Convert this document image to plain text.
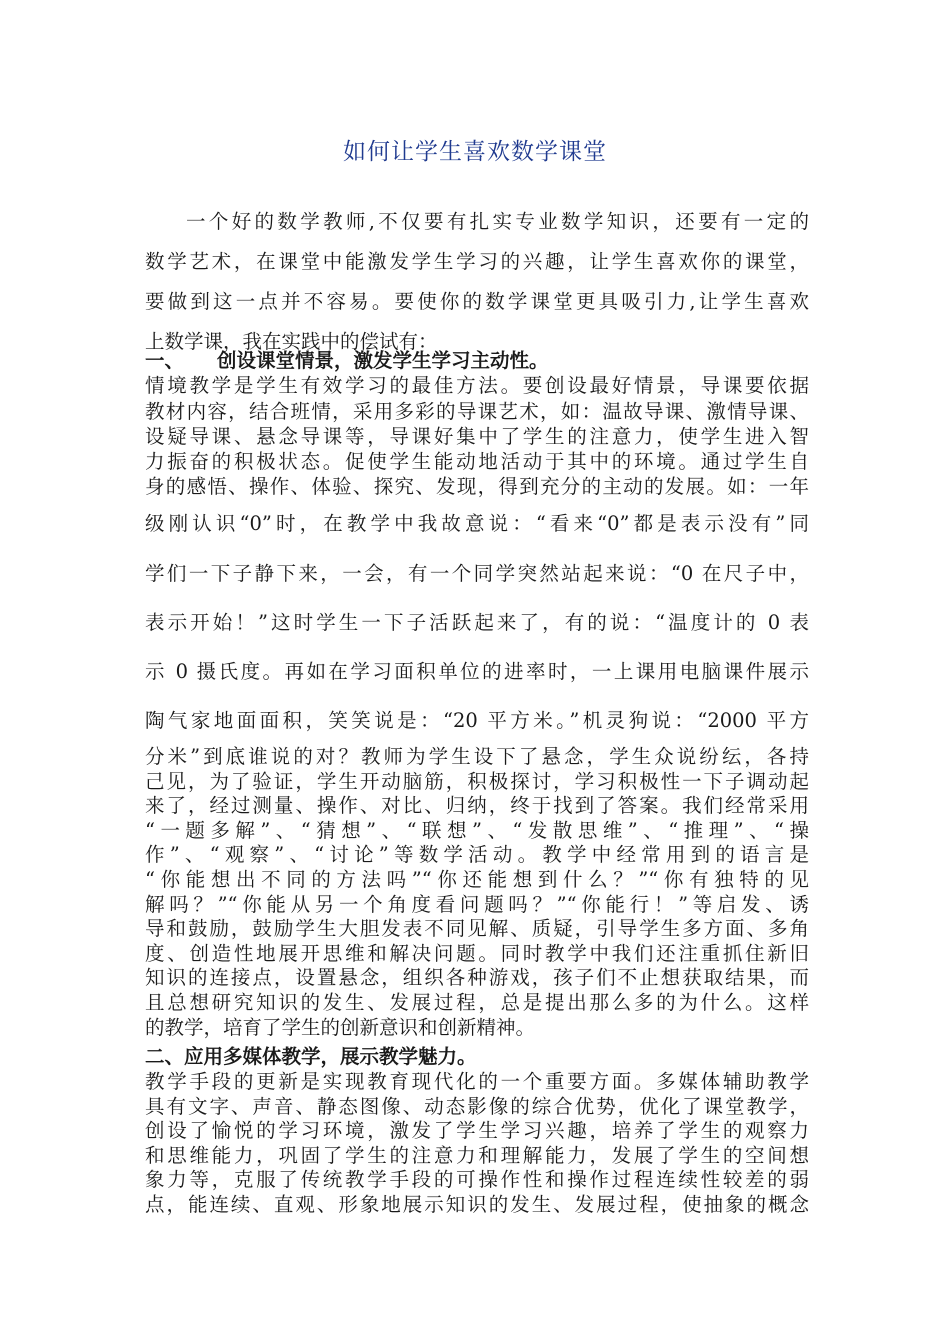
如何让学生喜欢数学课堂
一个好的数学教师,不仅要有扎实专业数学知识，还要有一定的
数学艺术，在课堂中能激发学生学习的兴趣，让学生喜欢你的课堂，
要做到这一点并不容易。要使你的数学课堂更具吸引力,让学生喜欢
上数学课，我在实践中的偿试有：
一、 创设课堂情景，激发学生学习主动性。
情境教学是学生有效学习的最佳方法。要创设最好情景，导课要依据
教材内容，结合班情，采用多彩的导课艺术，如：温故导课、激情导课、
设疑导课、悬念导课等，导课好集中了学生的注意力，使学生进入智
力振奋的积极状态。促使学生能动地活动于其中的环境。通过学生自
身的感悟、操作、体验、探究、发现，得到充分的主动的发展。如：一年
级刚认识“0”时，在教学中我故意说：“看来“0”都是表示没有”同
学们一下子静下来，一会，有一个同学突然站起来说：“0 在尺子中，
表示开始！”这时学生一下子活跃起来了，有的说：“温度计的 0 表
示 0 摄氏度。再如在学习面积单位的进率时，一上课用电脑课件展示
陶气家地面面积，笑笑说是：“20 平方米。”机灵狗说：“2000 平方
分米”到底谁说的对？教师为学生设下了悬念，学生众说纷纭，各持
己见，为了验证，学生开动脑筋，积极探讨，学习积极性一下子调动起
来了，经过测量、操作、对比、归纳，终于找到了答案。我们经常采用
“一题多解”、“猜想”、“联想”、“发散思维”、“推理”、“操
作”、“观察”、“讨论”等数学活动。教学中经常用到的语言是
“你能想出不同的方法吗”“你还能想到什么？”“你有独特的见
解吗？”“你能从另一个角度看问题吗？”“你能行！”等启发、诱
导和鼓励，鼓励学生大胆发表不同见解、质疑，引导学生多方面、多角
度、创造性地展开思维和解决问题。同时教学中我们还注重抓住新旧
知识的连接点，设置悬念，组织各种游戏，孩子们不止想获取结果，而
且总想研究知识的发生、发展过程，总是提出那么多的为什么。这样
的教学，培育了学生的创新意识和创新精神。
二、应用多媒体教学，展示教学魅力。
教学手段的更新是实现教育现代化的一个重要方面。多媒体辅助教学
具有文字、声音、静态图像、动态影像的综合优势，优化了课堂教学，
创设了愉悦的学习环境，激发了学生学习兴趣，培养了学生的观察力
和思维能力，巩固了学生的注意力和理解能力，发展了学生的空间想
象力等，克服了传统教学手段的可操作性和操作过程连续性较差的弱
点，能连续、直观、形象地展示知识的发生、发展过程，使抽象的概念
